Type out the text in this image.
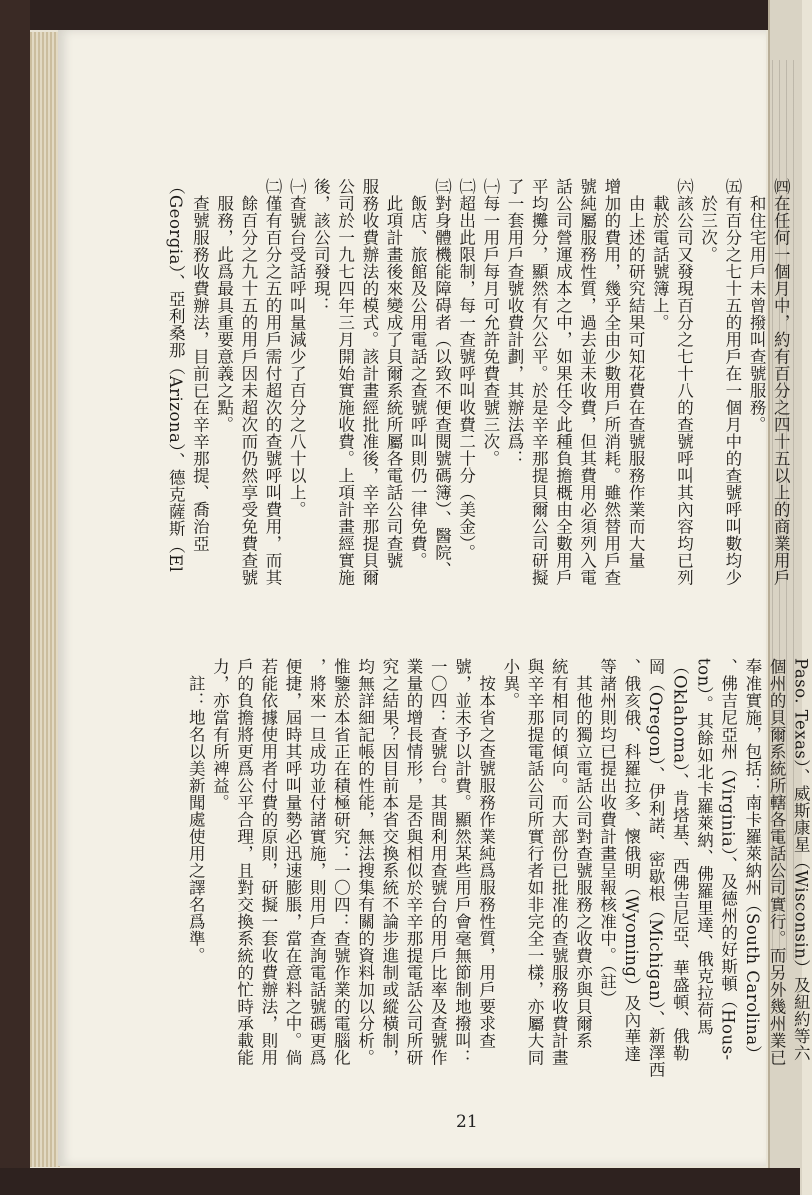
㈣在任何一個月中，約有百分之四十五以上的商業用戶
　和住宅用戶未曾撥叫查號服務。
㈤有百分之七十五的用戶在一個月中的查號呼叫數均少
　於三次。
㈥該公司又發現百分之七十八的查號呼叫其內容均已列
　載於電話號簿上。
　由上述的研究結果可知花費在查號服務作業而大量
增加的費用，幾乎全由少數用戶所消耗。雖然替用戶查
號純屬服務性質，過去並未收費，但其費用必須列入電
話公司營運成本之中，如果任令此種負擔概由全數用戶
平均攤分，顯然有欠公平。於是辛辛那提貝爾公司研擬
了一套用戶查號收費計劃，其辦法爲：
㈠每一用戶每月可允許免費查號三次。
㈡超出此限制，每一查號呼叫收費二十分（美金）。
㈢對身體機能障碍者（以致不便查閱號碼簿）、醫院、
　飯店、旅館及公用電話之查號呼叫則仍一律免費。
　此項計畫後來變成了貝爾系統所屬各電話公司查號
服務收費辦法的模式。該計畫經批准後，辛辛那提貝爾
公司於一九七四年三月開始實施收費。上項計畫經實施
後，該公司發現：
㈠查號台受話呼叫量減少了百分之八十以上。
㈡僅有百分之五的用戶需付超次的查號呼叫費用，而其
　餘百分之九十五的用戶因未超次而仍然享受免費查號
　服務，此爲最具重要意義之點。
　查號服務收費辦法，目前已在辛辛那提、喬治亞
（Georgia）、亞利桑那（Arizona）、德克薩斯（El
Paso. Texas）、威斯康星（Wisconsin）及紐約等六
個州的貝爾系統所轄各電話公司實行。而另外幾州業已
奉准實施，包括：南卡羅萊納州（South Carolina）
、佛吉尼亞州（Virginia）、及德州的好斯頓（Hous-
ton）。其餘如北卡羅萊納、佛羅里達、俄克拉荷馬
（Oklahoma）、肯塔基、西佛吉尼亞、華盛頓、俄勒
岡（Oregon）、伊利諾、密歇根（Michigan）、新澤西
、俄亥俄、科羅拉多、懷俄明（Wyoming）及內華達
等諸州則均已提出收費計畫呈報核准中。（註）
　其他的獨立電話公司對查號服務之收費亦與貝爾系
統有相同的傾向。而大部份已批准的查號服務收費計畫
與辛辛那提電話公司所實行者如非完全一樣，亦屬大同
小異。
　按本省之查號服務作業純爲服務性質，用戶要求查
號，並未予以計費。顯然某些用戶會毫無節制地撥叫：
一〇四：查號台。其間利用查號台的用戶比率及查號作
業量的增長情形，是否與相似於辛辛那提電話公司所研
究之結果？因目前本省交換系統不論步進制或縱橫制，
均無詳細記帳的性能，無法搜集有關的資料加以分析。
惟鑒於本省正在積極研究：一〇四：查號作業的電腦化
，將來一旦成功並付諸實施，則用戶查詢電話號碼更爲
便捷，屆時其呼叫量勢必迅速膨脹，當在意料之中。倘
若能依據使用者付費的原則，研擬一套收費辦法，則用
戶的負擔將更爲公平合理，且對交換系統的忙時承載能
力，亦當有所裨益。
　註：地名以美新聞處使用之譯名爲準。
21
